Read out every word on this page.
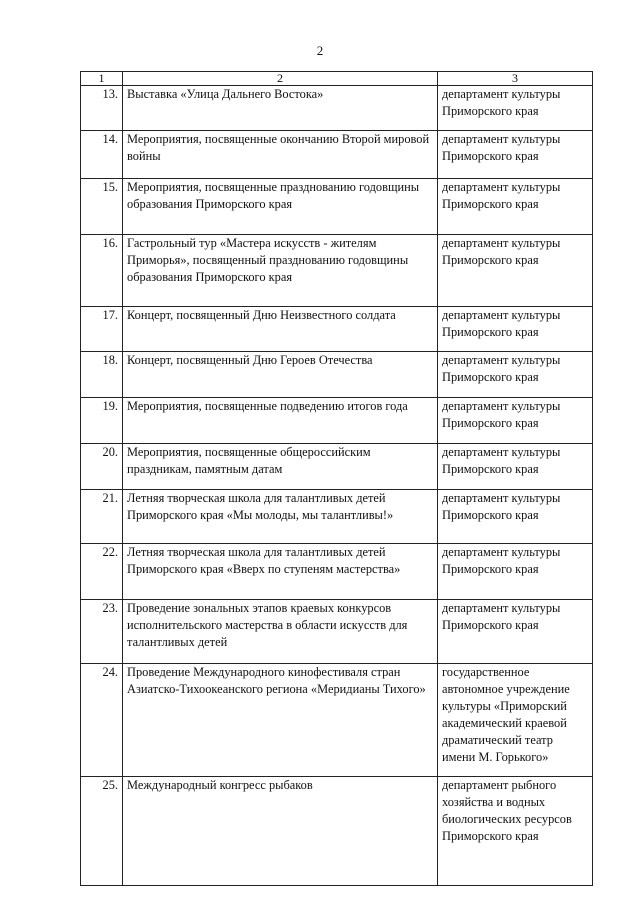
2
1	2	3
13.	Выставка «Улица Дальнего Востока»	департамент культуры Приморского края
14.	Мероприятия, посвященные окончанию Второй мировой войны	департамент культуры Приморского края
15.	Мероприятия, посвященные празднованию годовщины образования Приморского края	департамент культуры Приморского края
16.	Гастрольный тур «Мастера искусств - жителям Приморья», посвященный празднованию годовщины образования Приморского края	департамент культуры Приморского края
17.	Концерт, посвященный Дню Неизвестного солдата	департамент культуры Приморского края
18.	Концерт, посвященный Дню Героев Отечества	департамент культуры Приморского края
19.	Мероприятия, посвященные подведению итогов года	департамент культуры Приморского края
20.	Мероприятия, посвященные общероссийским праздникам, памятным датам	департамент культуры Приморского края
21.	Летняя творческая школа для талантливых детей Приморского края «Мы молоды, мы талантливы!»	департамент культуры Приморского края
22.	Летняя творческая школа для талантливых детей Приморского края «Вверх по ступеням мастерства»	департамент культуры Приморского края
23.	Проведение зональных этапов краевых конкурсов исполнительского мастерства в области искусств для талантливых детей	департамент культуры Приморского края
24.	Проведение Международного кинофестиваля стран Азиатско-Тихоокеанского региона «Меридианы Тихого»	государственное автономное учреждение культуры «Приморский академический краевой драматический театр имени М. Горького»
25.	Международный конгресс рыбаков	департамент рыбного хозяйства и водных биологических ресурсов Приморского края
